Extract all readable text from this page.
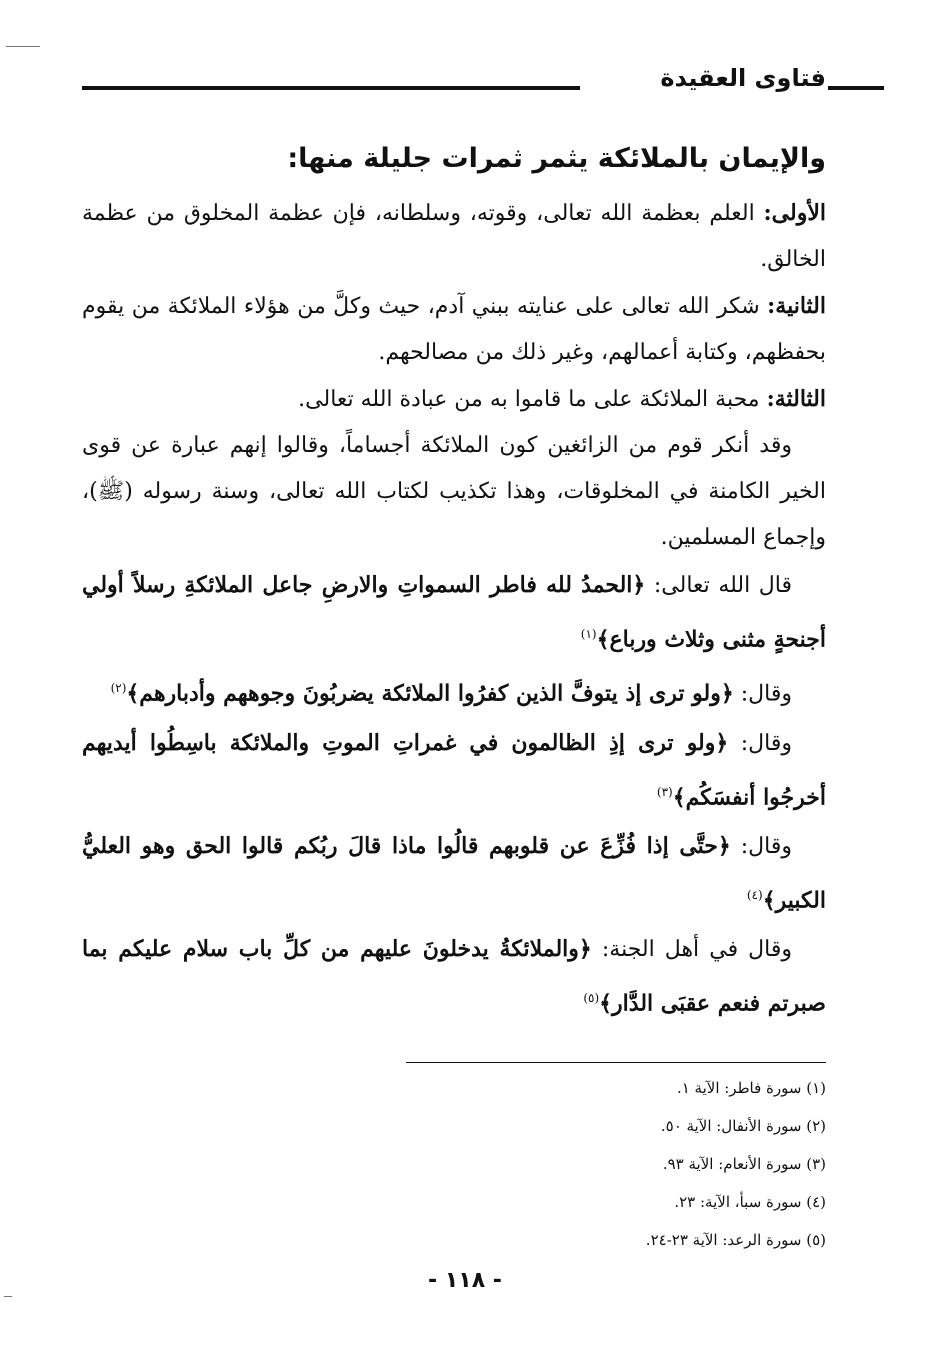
فتاوى العقيدة

والإيمان بالملائكة يثمر ثمرات جليلة منها:

الأولى: العلم بعظمة الله تعالى، وقوته، وسلطانه، فإن عظمة المخلوق من عظمة الخالق.

الثانية: شكر الله تعالى على عنايته ببني آدم، حيث وكلَّ من هؤلاء الملائكة من يقوم بحفظهم، وكتابة أعمالهم، وغير ذلك من مصالحهم.

الثالثة: محبة الملائكة على ما قاموا به من عبادة الله تعالى.

وقد أنكر قوم من الزائغين كون الملائكة أجساماً، وقالوا إنهم عبارة عن قوى الخير الكامنة في المخلوقات، وهذا تكذيب لكتاب الله تعالى، وسنة رسوله (ﷺ)، وإجماع المسلمين.

قال الله تعالى: ﴿الحمدُ لله فاطر السمواتِ والارضِ جاعل الملائكةِ رسلاً أولي أجنحةٍ مثنى وثلاث ورباع﴾$^{(١)}$

وقال: ﴿ولو ترى إذ يتوفَّ الذين كفرُوا الملائكة يضربُونَ وجوههم وأدبارهم﴾$^{(٢)}$

وقال: ﴿ولو ترى إذِ الظالمون في غمراتِ الموتِ والملائكة باسِطُوا أيديهم أخرجُوا أنفسَكُم﴾$^{(٣)}$

وقال: ﴿حتَّى إذا فُزِّعَ عن قلوبهم قالُوا ماذا قالَ ربُكم قالوا الحق وهو العليُّ الكبير﴾$^{(٤)}$

وقال في أهل الجنة: ﴿والملائكةُ يدخلونَ عليهم من كلِّ باب سلام عليكم بما صبرتم فنعم عقبَى الدَّار﴾$^{(٥)}$

(١) سورة فاطر: الآية ١.

(٢) سورة الأنفال: الآية ٥٠.

(٣) سورة الأنعام: الآية ٩٣.

(٤) سورة سبأ، الآية: ٢٣.

(٥) سورة الرعد: الآية ٢٣-٢٤.

- ١١٨ -
